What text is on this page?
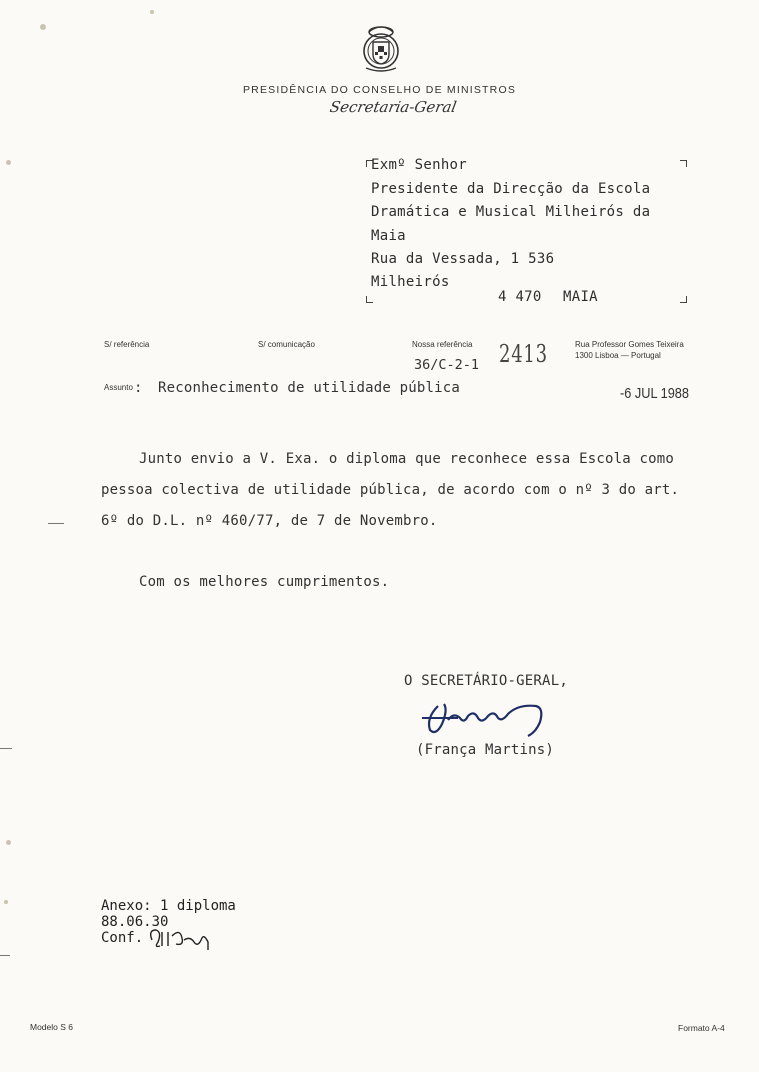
PRESIDÊNCIA DO CONSELHO DE MINISTROS
Secretaria-Geral
Exmº Senhor
Presidente da Direcção da Escola
Dramática e Musical Milheirós da
Maia
Rua da Vessada, 1 536
Milheirós
4 470 MAIA
S/ referência	S/ comunicação	Nossa referência
36/C-2-1 2413	Rua Professor Gomes Teixeira
1300 Lisboa — Portugal
Assunto : Reconhecimento de utilidade pública	-6 JUL 1988
Junto envio a V. Exa. o diploma que reconhece essa Escola como
pessoa colectiva de utilidade pública, de acordo com o nº 3 do art.
6º do D.L. nº 460/77, de 7 de Novembro.
Com os melhores cumprimentos.
O SECRETÁRIO-GERAL,
(França Martins)
Anexo: 1 diploma
88.06.30
Conf.
Modelo S 6	Formato A-4
